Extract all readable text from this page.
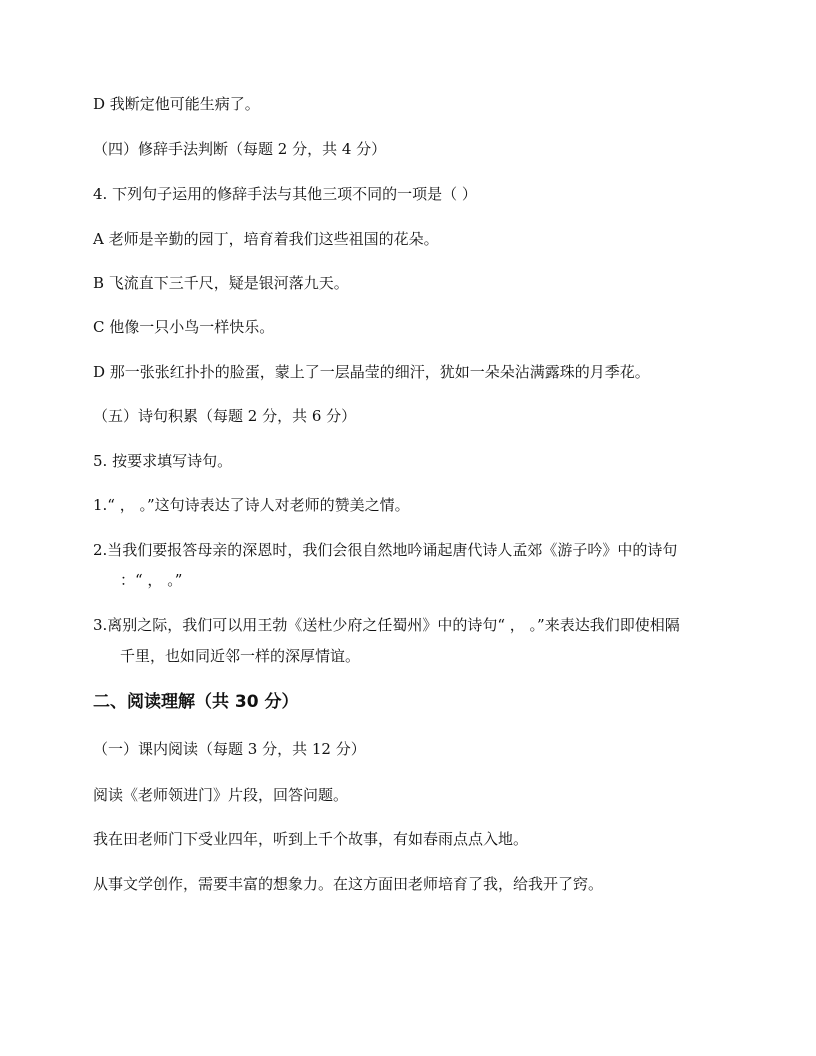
D 我断定他可能生病了。
（四）修辞手法判断（每题 2 分，共 4 分）
4. 下列句子运用的修辞手法与其他三项不同的一项是（ ）
A 老师是辛勤的园丁，培育着我们这些祖国的花朵。
B 飞流直下三千尺，疑是银河落九天。
C 他像一只小鸟一样快乐。
D 那一张张红扑扑的脸蛋，蒙上了一层晶莹的细汗，犹如一朵朵沾满露珠的月季花。
（五）诗句积累（每题 2 分，共 6 分）
5. 按要求填写诗句。
1.“ ， 。”这句诗表达了诗人对老师的赞美之情。
2.当我们要报答母亲的深恩时，我们会很自然地吟诵起唐代诗人孟郊《游子吟》中的诗句
：“ ， 。”
3.离别之际，我们可以用王勃《送杜少府之任蜀州》中的诗句“ ， 。”来表达我们即使相隔
千里，也如同近邻一样的深厚情谊。
二、阅读理解（共 30 分）
（一）课内阅读（每题 3 分，共 12 分）
阅读《老师领进门》片段，回答问题。
我在田老师门下受业四年，听到上千个故事，有如春雨点点入地。
从事文学创作，需要丰富的想象力。在这方面田老师培育了我，给我开了窍。
